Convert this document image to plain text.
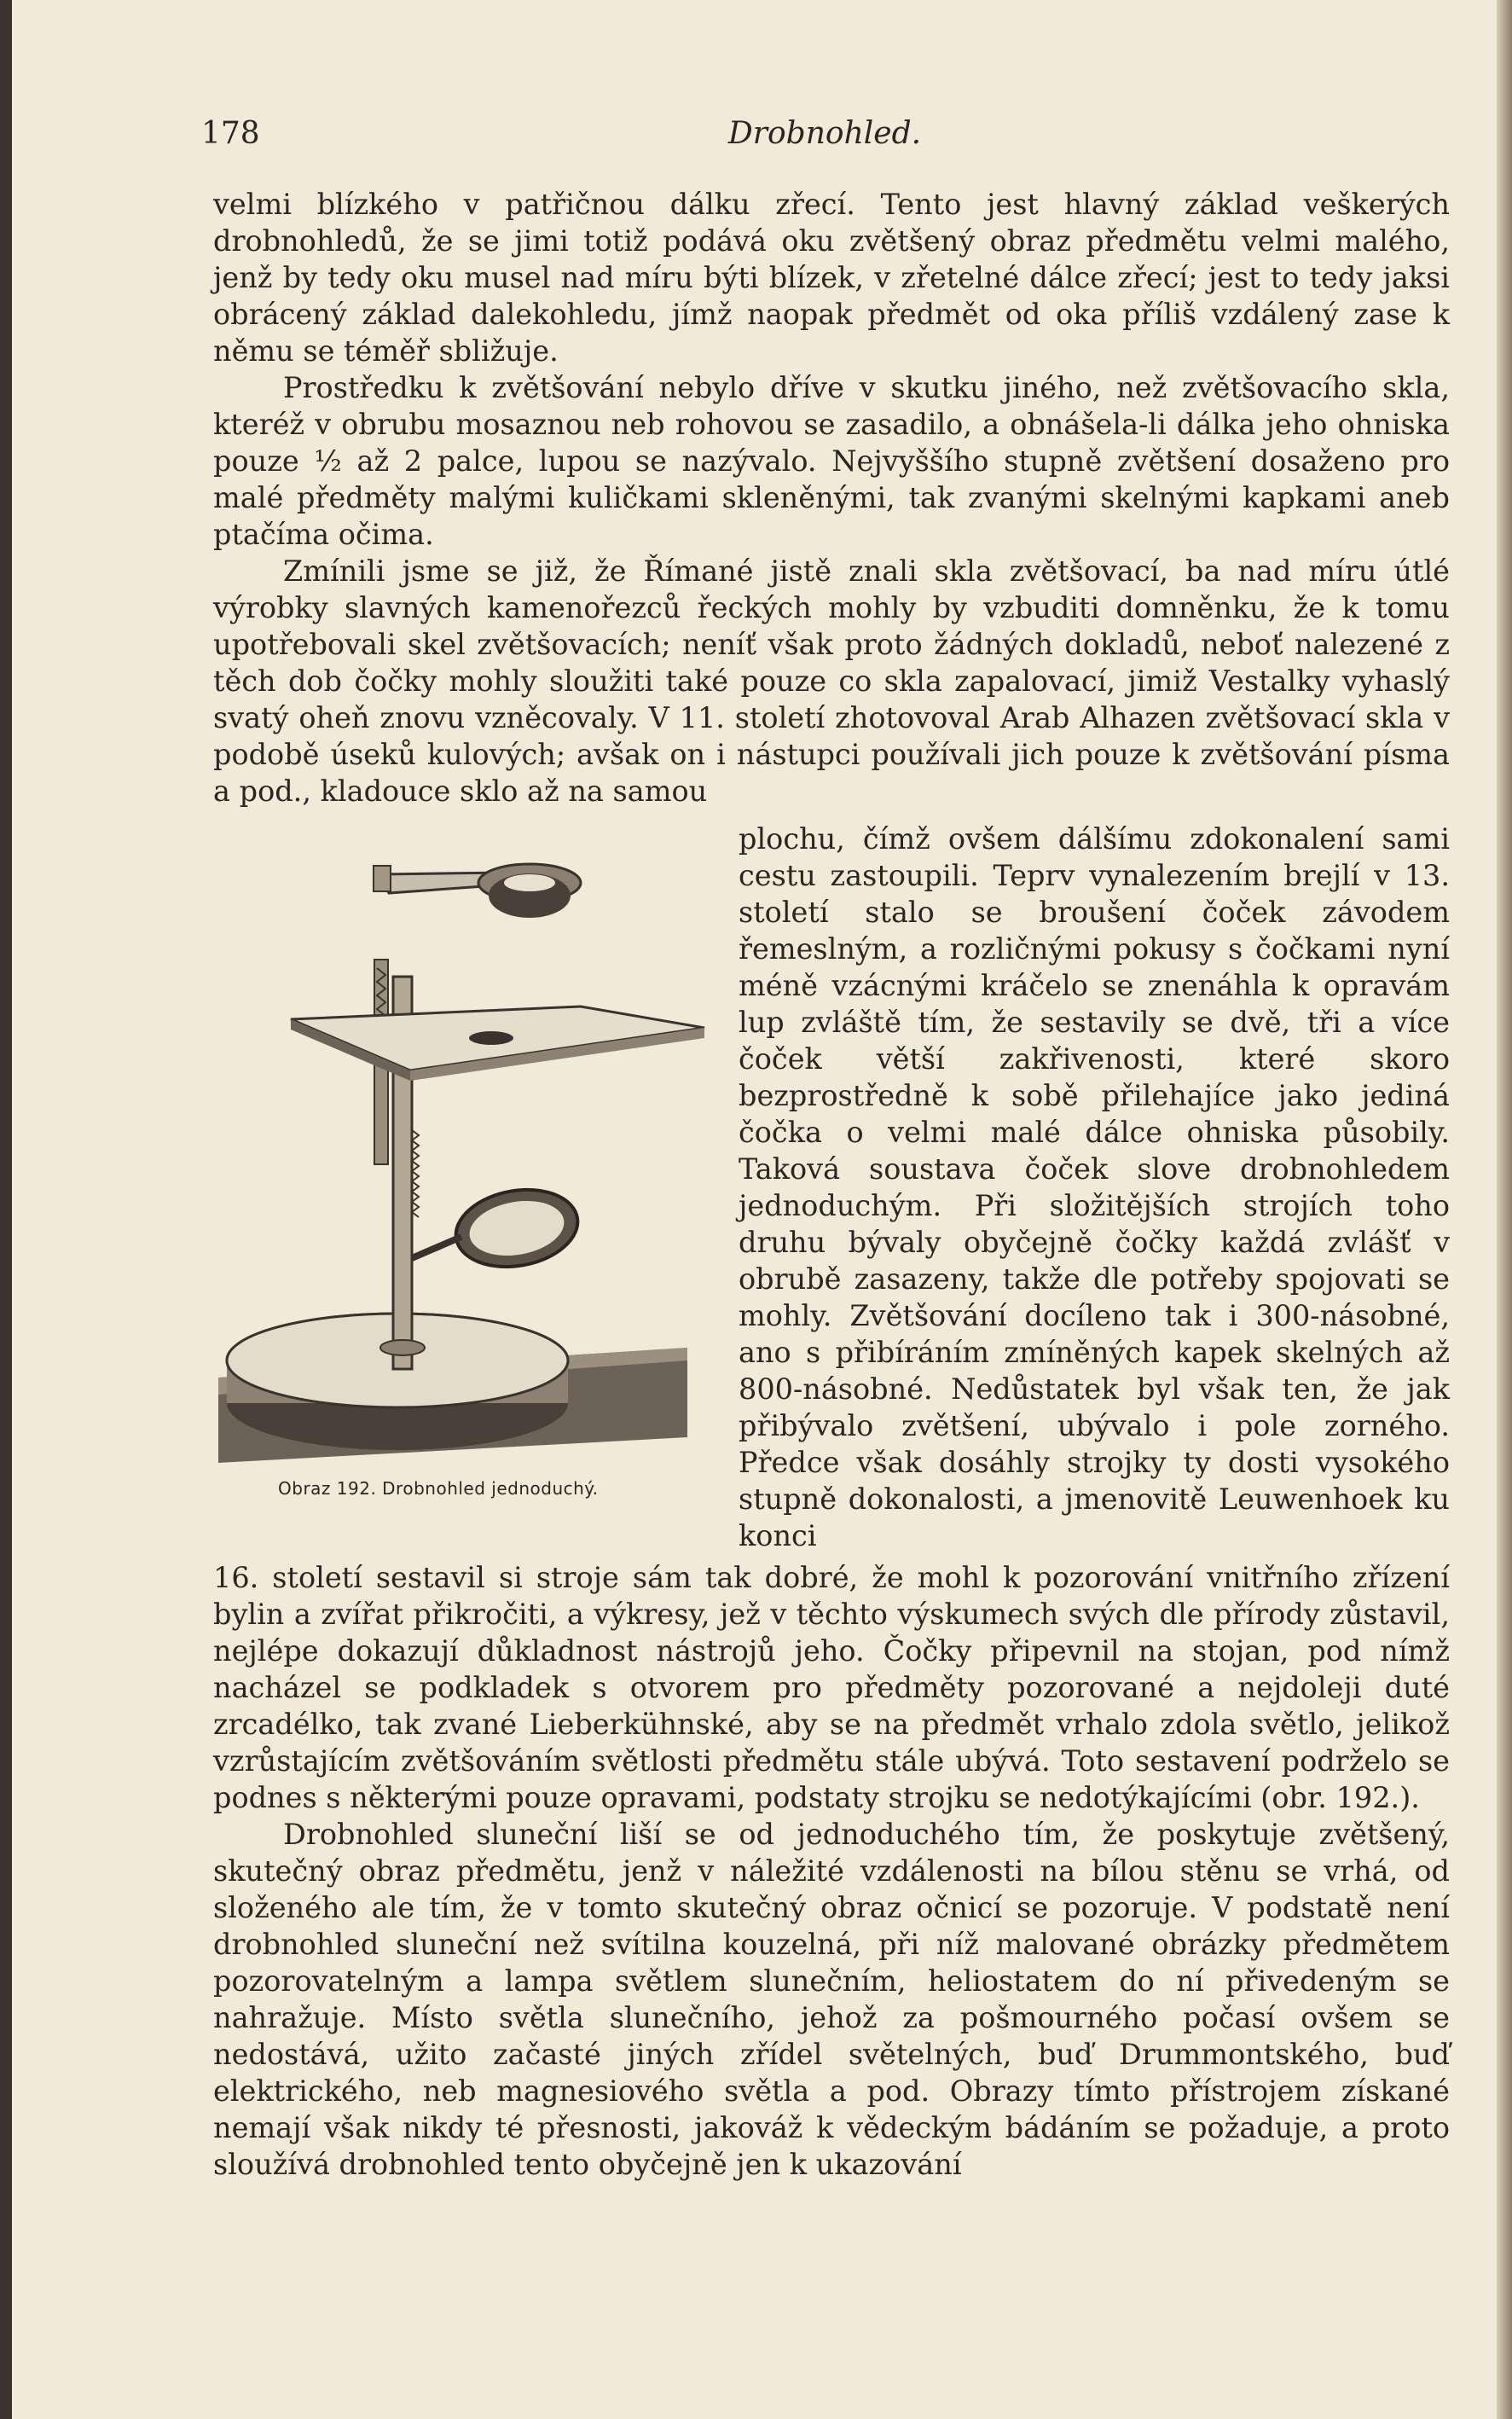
178	Drobnohled.

velmi blízkého v patřičnou dálku zřecí. Tento jest hlavný základ veškerých drobnohledů, že se jimi totiž podává oku zvětšený obraz předmětu velmi malého, jenž by tedy oku musel nad míru býti blízek, v zřetelné dálce zřecí; jest to tedy jaksi obrácený základ dalekohledu, jímž naopak předmět od oka příliš vzdálený zase k němu se téměř sbližuje.

Prostředku k zvětšování nebylo dříve v skutku jiného, než zvětšovacího skla, kteréž v obrubu mosaznou neb rohovou se zasadilo, a obnášela-li dálka jeho ohniska pouze ½ až 2 palce, lupou se nazývalo. Nejvyššího stupně zvětšení dosaženo pro malé předměty malými kuličkami skleněnými, tak zvanými skelnými kapkami aneb ptačíma očima.

Zmínili jsme se již, že Římané jistě znali skla zvětšovací, ba nad míru útlé výrobky slavných kamenořezců řeckých mohly by vzbuditi domněnku, že k tomu upotřebovali skel zvětšovacích; neníť však proto žádných dokladů, neboť nalezené z těch dob čočky mohly sloužiti také pouze co skla zapalovací, jimiž Vestalky vyhaslý svatý oheň znovu vzněcovaly. V 11. století zhotovoval Arab Alhazen zvětšovací skla v podobě úseků kulových; avšak on i nástupci používali jich pouze k zvětšování písma a pod., kladouce sklo až na samou

Obraz 192. Drobnohled jednoduchý.

plochu, čímž ovšem dálšímu zdokonalení sami cestu zastoupili. Teprv vynalezením brejlí v 13. století stalo se broušení čoček závodem řemeslným, a rozličnými pokusy s čočkami nyní méně vzácnými kráčelo se znenáhla k opravám lup zvláště tím, že sestavily se dvě, tři a více čoček větší zakřivenosti, které skoro bezprostředně k sobě přilehajíce jako jediná čočka o velmi malé dálce ohniska působily. Taková soustava čoček slove drobnohledem jednoduchým. Při složitějších strojích toho druhu bývaly obyčejně čočky každá zvlášť v obrubě zasazeny, takže dle potřeby spojovati se mohly. Zvětšování docíleno tak i 300-násobné, ano s přibíráním zmíněných kapek skelných až 800-násobné. Nedůstatek byl však ten, že jak přibývalo zvětšení, ubývalo i pole zorného. Předce však dosáhly strojky ty dosti vysokého stupně dokonalosti, a jmenovitě Leuwenhoek ku konci

16. století sestavil si stroje sám tak dobré, že mohl k pozorování vnitřního zřízení bylin a zvířat přikročiti, a výkresy, jež v těchto výskumech svých dle přírody zůstavil, nejlépe dokazují důkladnost nástrojů jeho. Čočky připevnil na stojan, pod nímž nacházel se podkladek s otvorem pro předměty pozorované a nejdoleji duté zrcadélko, tak zvané Lieberkühnské, aby se na předmět vrhalo zdola světlo, jelikož vzrůstajícím zvětšováním světlosti předmětu stále ubývá. Toto sestavení podrželo se podnes s některými pouze opravami, podstaty strojku se nedotýkajícími (obr. 192.).

Drobnohled sluneční liší se od jednoduchého tím, že poskytuje zvětšený, skutečný obraz předmětu, jenž v náležité vzdálenosti na bílou stěnu se vrhá, od složeného ale tím, že v tomto skutečný obraz očnicí se pozoruje. V podstatě není drobnohled sluneční než svítilna kouzelná, při níž malované obrázky předmětem pozorovatelným a lampa světlem slunečním, heliostatem do ní přivedeným se nahražuje. Místo světla slunečního, jehož za pošmourného počasí ovšem se nedostává, užito začasté jiných zřídel světelných, buď Drummontského, buď elektrického, neb magnesiového světla a pod. Obrazy tímto přístrojem získané nemají však nikdy té přesnosti, jakováž k vědeckým bádáním se požaduje, a proto sloužívá drobnohled tento obyčejně jen k ukazování
